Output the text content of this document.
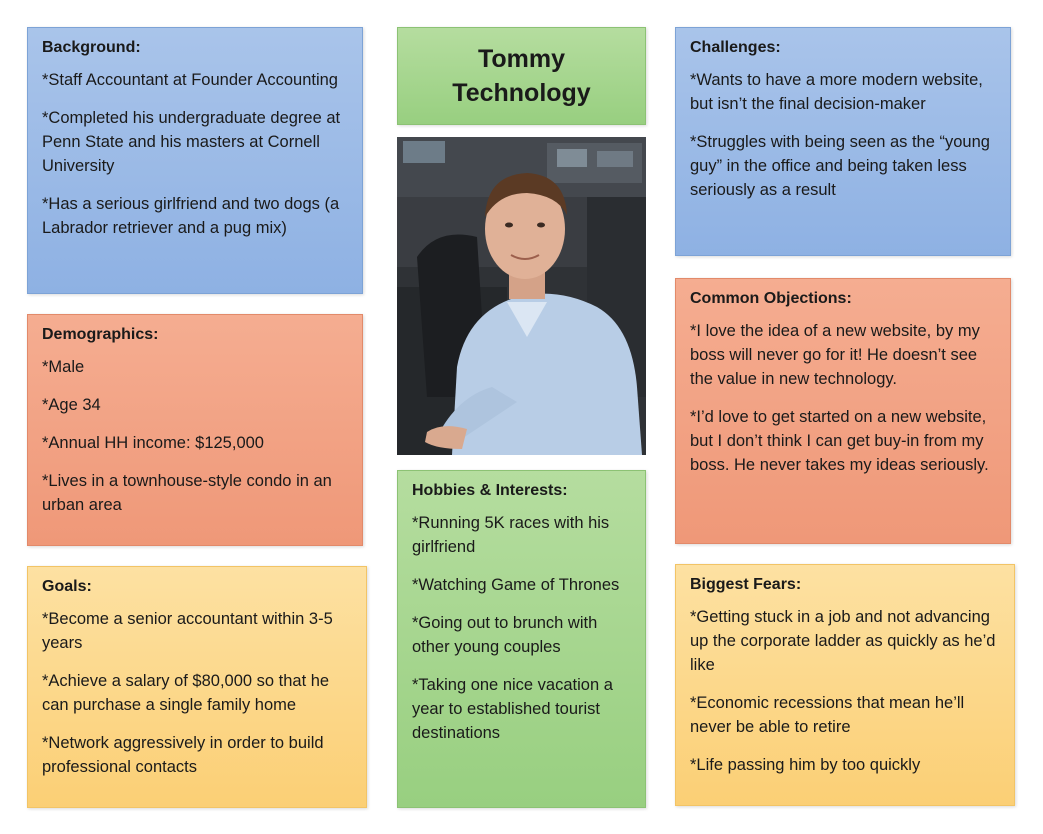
Tommy
Technology
Background:
*Staff Accountant at Founder Accounting
*Completed his undergraduate degree at Penn State and his masters at Cornell University
*Has a serious girlfriend and two dogs (a Labrador retriever and a pug mix)
Demographics:
*Male
*Age 34
*Annual HH income: $125,000
*Lives in a townhouse-style condo in an urban area
Goals:
*Become a senior accountant within 3-5 years
*Achieve a salary of $80,000 so that he can purchase a single family home
*Network aggressively in order to build professional contacts
Hobbies & Interests:
*Running 5K races with his girlfriend
*Watching Game of Thrones
*Going out to brunch with other young couples
*Taking one nice vacation a year to established tourist destinations
Challenges:
*Wants to have a more modern website, but isn’t the final decision-maker
*Struggles with being seen as the “young guy” in the office and being taken less seriously as a result
Common Objections:
*I love the idea of a new website, by my boss will never go for it! He doesn’t see the value in new technology.
*I’d love to get started on a new website, but I don’t think I can get buy-in from my boss. He never takes my ideas seriously.
Biggest Fears:
*Getting stuck in a job and not advancing up the corporate ladder as quickly as he’d like
*Economic recessions that mean he’ll never be able to retire
*Life passing him by too quickly
